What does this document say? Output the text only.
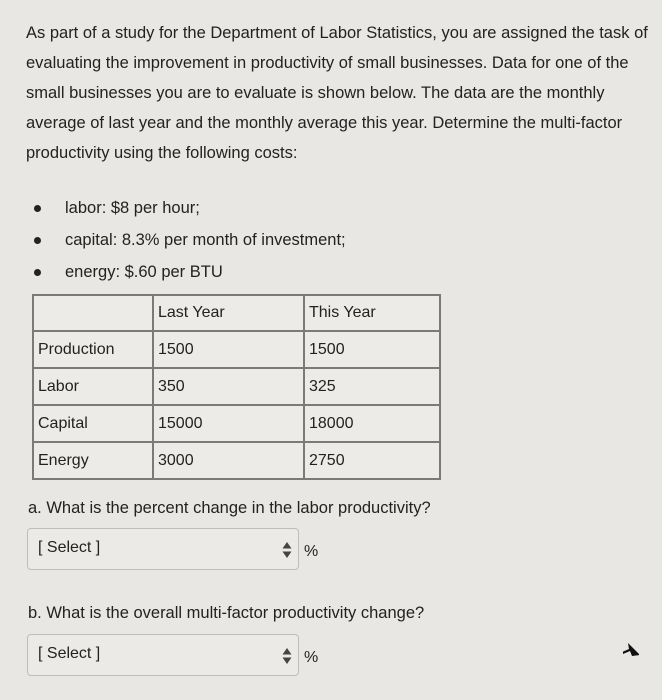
As part of a study for the Department of Labor Statistics, you are assigned the task of evaluating the improvement in productivity of small businesses. Data for one of the small businesses you are to evaluate is shown below. The data are the monthly average of last year and the monthly average this year. Determine the multi-factor productivity using the following costs:

labor: $8 per hour;
capital: 8.3% per month of investment;
energy: $.60 per BTU
	Last Year	This Year
Production	1500	1500
Labor	350	325
Capital	15000	18000
Energy	3000	2750

a. What is the percent change in the labor productivity?

[ Select ]	%

b. What is the overall multi-factor productivity change?

[ Select ]	%
